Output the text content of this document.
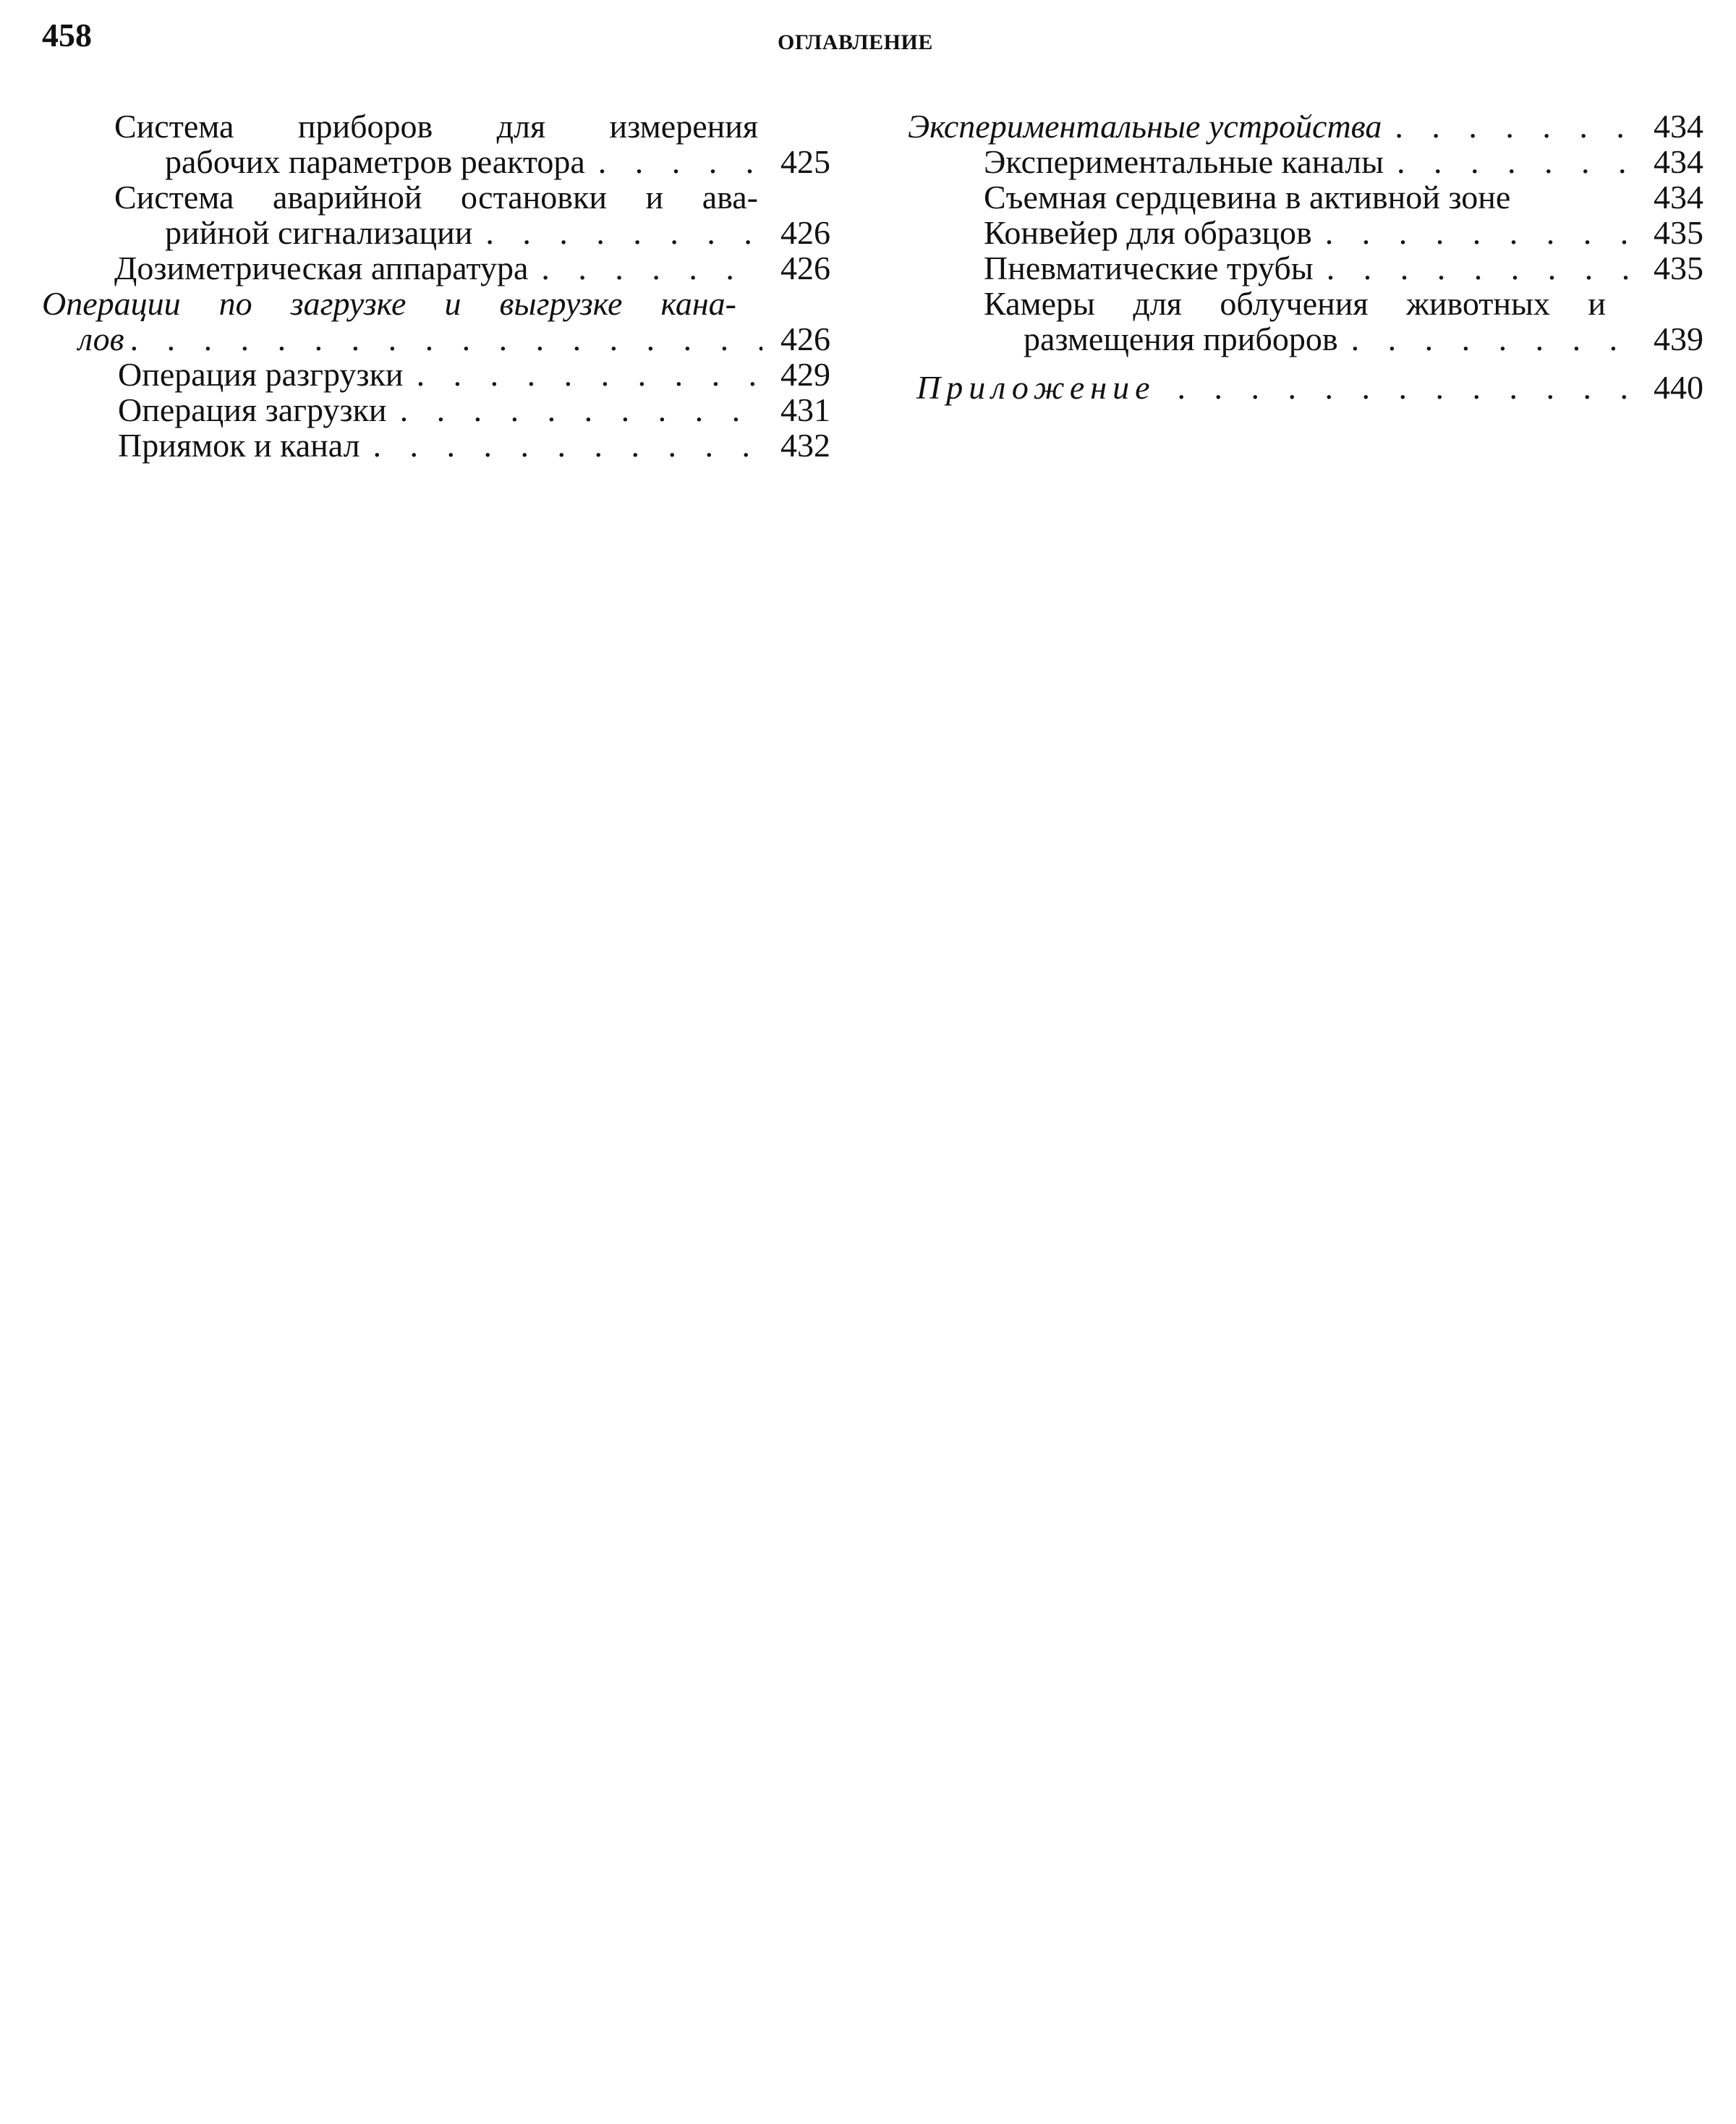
458	ОГЛАВЛЕНИЕ
Система приборов для измерения
рабочих параметров реактора . . .	425
Система аварийной остановки и ава-
рийной сигнализации . . .	426
Дозиметрическая аппаратура . . .	426
Операции по загрузке и выгрузке кана-
лов . . .	426
Операция разгрузки . . .	429
Операция загрузки . . .	431
Приямок и канал . . .	432
Экспериментальные устройства . . .	434
Экспериментальные каналы . . .	434
Съемная сердцевина в активной зоне	434
Конвейер для образцов . . .	435
Пневматические трубы . . .	435
Камеры для облучения животных и
размещения приборов . . .	439
Приложение . . .	440
